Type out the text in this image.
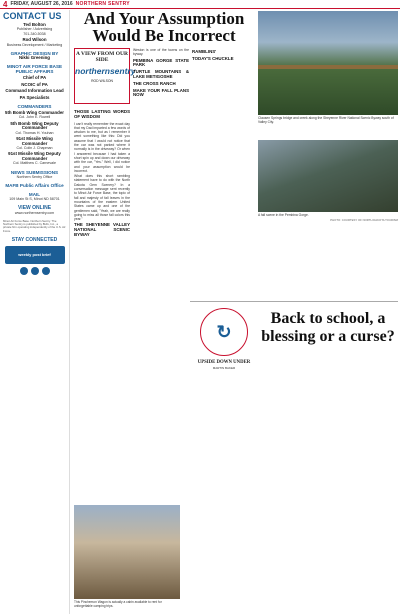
4 FRIDAY, AUGUST 26, 2016 NORTHERN SENTRY
CONTACT US
Ted Bolton
Publisher / Advertising
701-340-5038
Rod Wilson
Business Development / Marketing
GRAPHIC DESIGN BY
Nikki Greening
MINOT AIR FORCE BASE PUBLIC AFFAIRS
Chief of PA
NCOIC of PA
Command Information Lead
PA Specialists
COMMANDERS
5th Bomb Wing Commander
Col. John E. Rowell
5th Bomb Wing Deputy Commander
Col. Thomas H. Youhan
91st Missile Wing Commander
Col. Colin J. Chapman
91st Missile Wing Deputy Commander
Col. Matthew C. Carnevale
NEWS SUBMISSIONS
Northern Sentry Office
MAFB Public Affairs Office
MAIL
109 Main St S, Minot ND 58701
VIEW ONLINE
www.northernsentry.com
Minot Air Force Base. Northern Sentry. The Northern Sentry is published by BHG, Inc., a private firm operating independently of the U.S. Air Force.
STAY CONNECTED
weekly post brief
And Your Assumption Would Be Incorrect
Clausen Springs bridge and creek along the Sheyenne River National Scenic Byway south of Valley City.
A VIEW FROM OUR SIDE
northernsentry
ROD WILSON
THOSE LASTING WORDS OF WISDOM

I can't really remember the exact day that my Dad imparted a few words of wisdom to me, but as I remember it went something like this: Did you assume that I would not notice that the car was not parked where it normally is in the driveway? Or when I answered because I had taken a short spin up and down our driveway with the car, "Yes." Well, I did notice and your assumption would be incorrect.

What does this short rambling statement have to do with the North Dakota Gem Scenery? In a conversation message sent recently to Minot Air Force Base, the topic of fall and majesty of fall leaves in the mountains of the eastern United States came up and one of the gentlemen said, "Yeah, we are really going to miss all those fall colors this year."

THE SHEYENNE VALLEY NATIONAL SCENIC BYWAY

Weston is one of the towns on the byway.

PEMBINA GORGE STATE PARK
TURTLE MOUNTAINS & LAKE METIGOSHE
THE CROSS RANCH
MAKE YOUR FALL PLANS NOW
RAMBLINS'
TODAY'S CHUCKLE
A fall scene in the Pembina Gorge.
PHOTO: COURTESY OF NORTH DAKOTA TOURISM
Back to school, a blessing or a curse?
↻
UPSIDE DOWN UNDER
MARTIN BAKER
This Pinchemon Wagon is actually a cabin available to rent for unforgettable camping trips.
